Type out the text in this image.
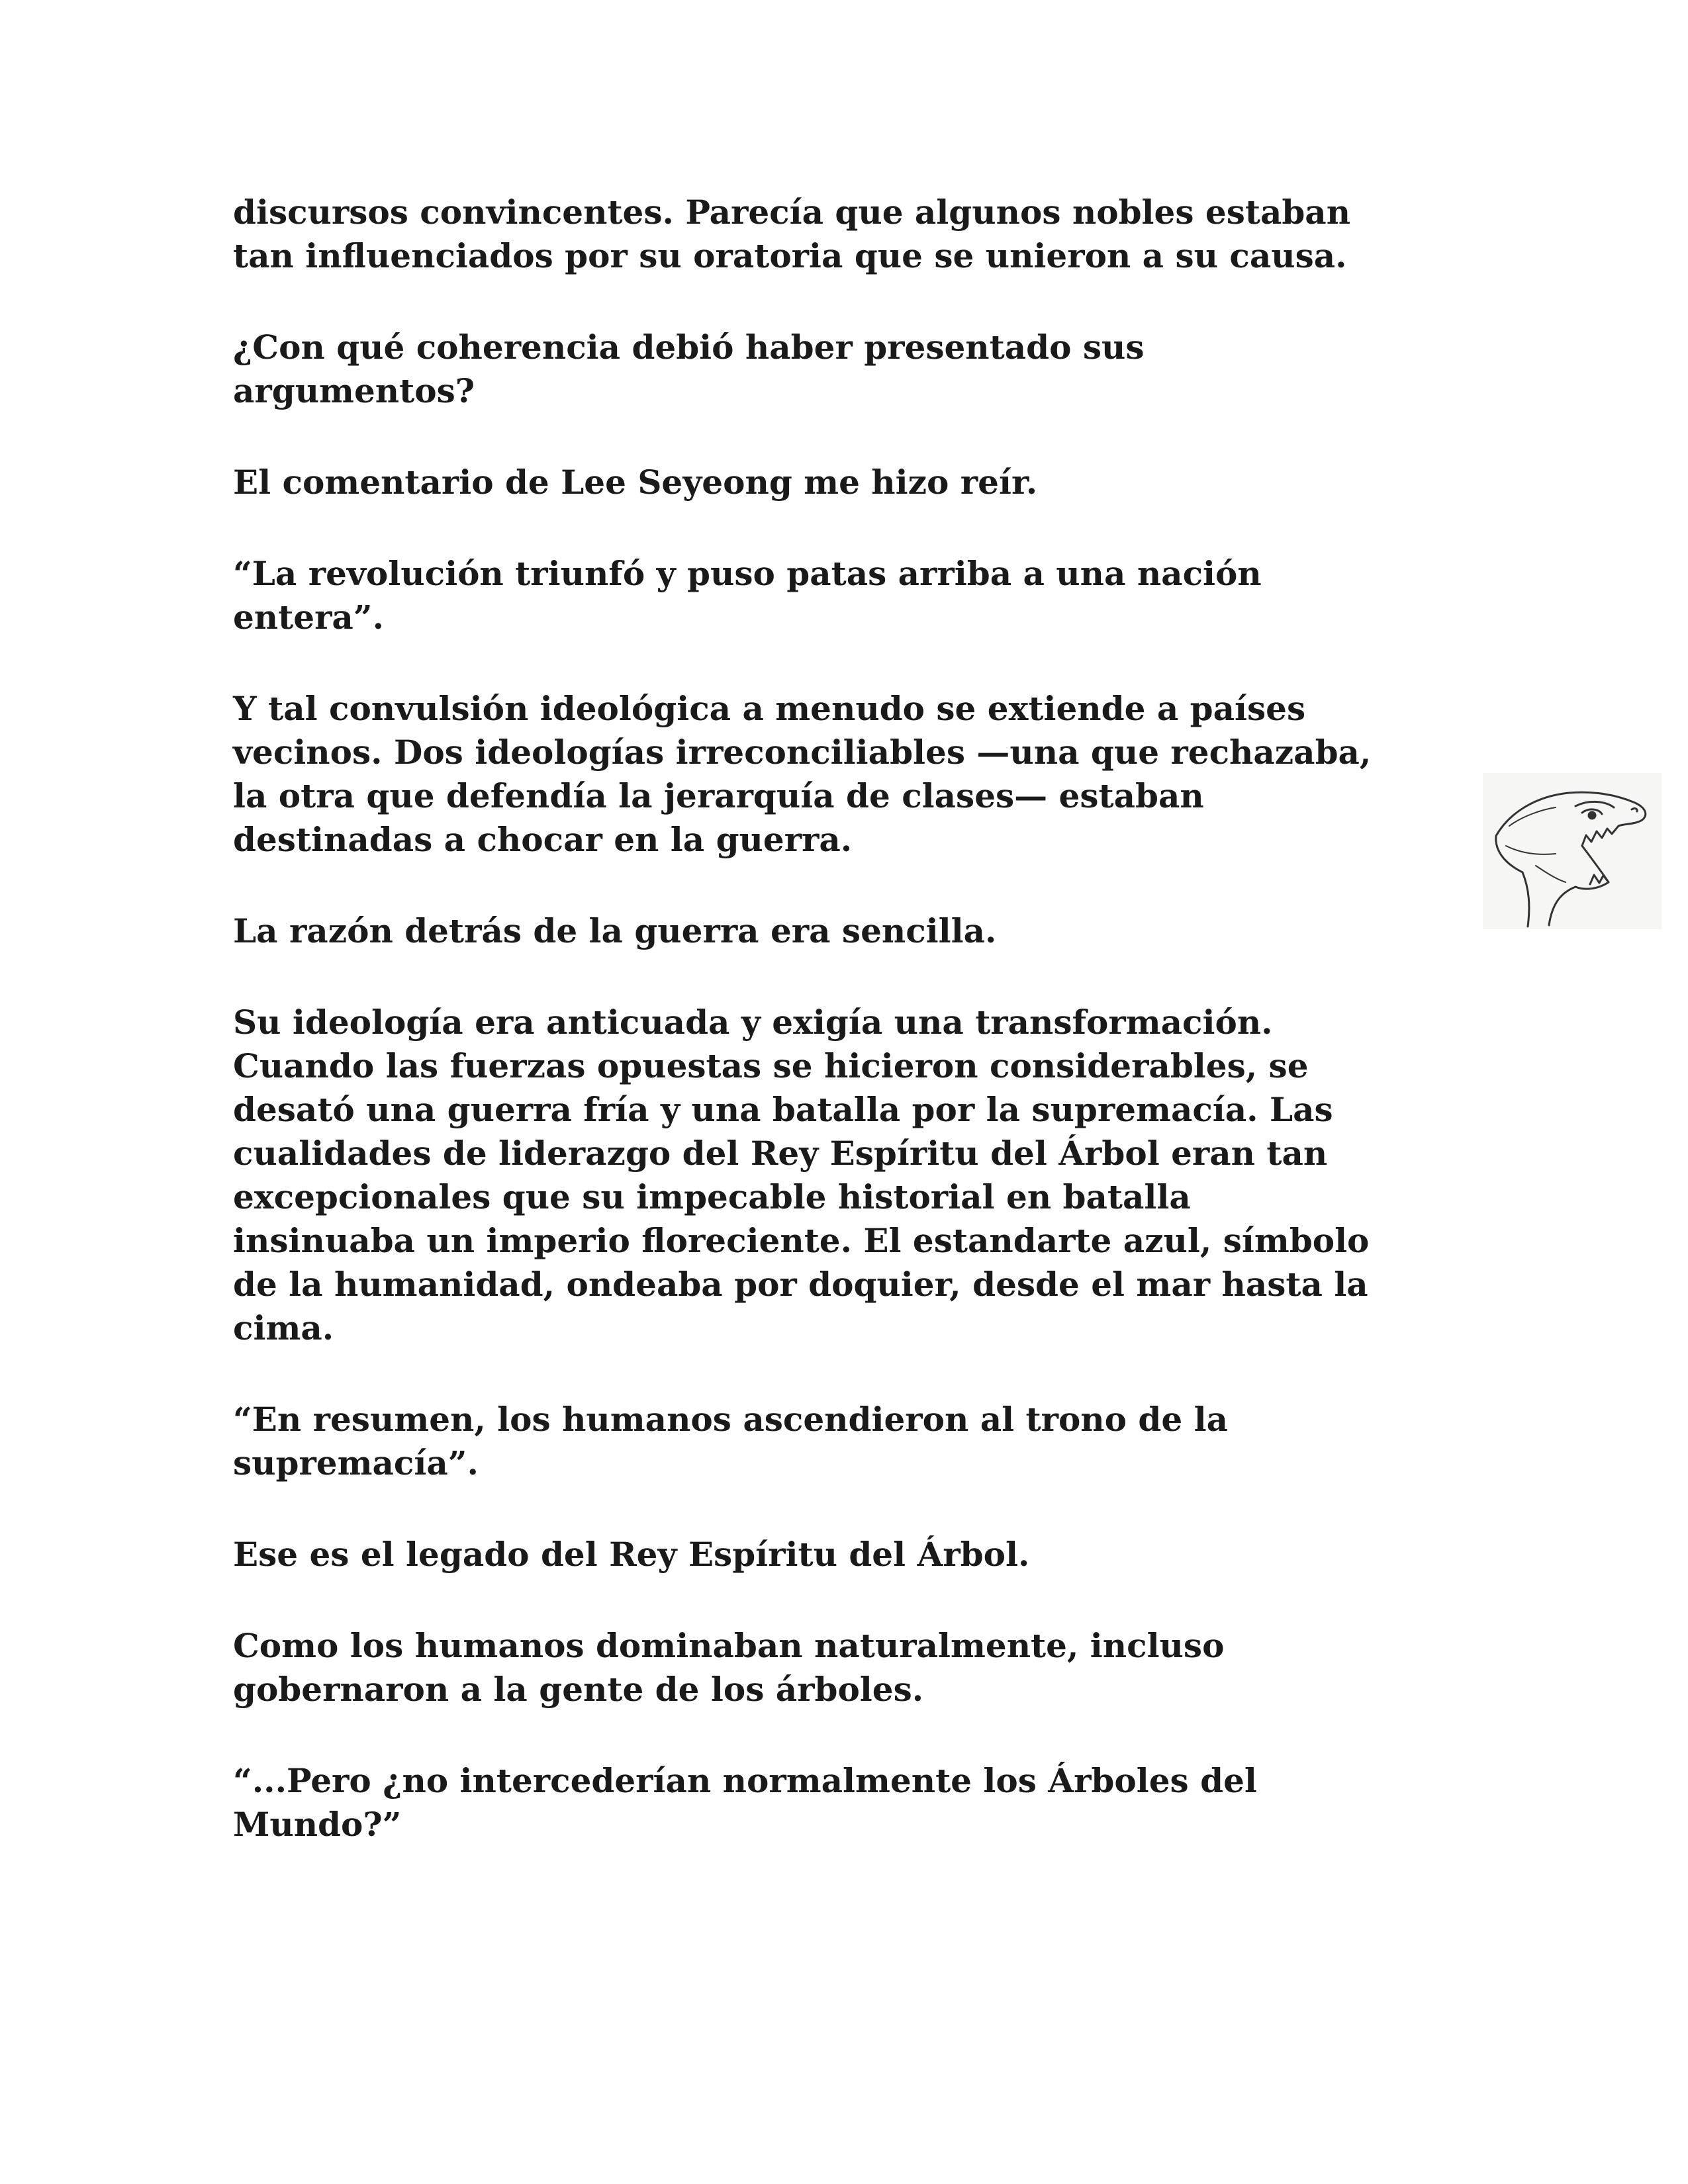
discursos convincentes. Parecía que algunos nobles estaban
tan influenciados por su oratoria que se unieron a su causa.

¿Con qué coherencia debió haber presentado sus
argumentos?

El comentario de Lee Seyeong me hizo reír.

“La revolución triunfó y puso patas arriba a una nación
entera”.

Y tal convulsión ideológica a menudo se extiende a países
vecinos. Dos ideologías irreconciliables —una que rechazaba,
la otra que defendía la jerarquía de clases— estaban
destinadas a chocar en la guerra.

La razón detrás de la guerra era sencilla.

Su ideología era anticuada y exigía una transformación.
Cuando las fuerzas opuestas se hicieron considerables, se
desató una guerra fría y una batalla por la supremacía. Las
cualidades de liderazgo del Rey Espíritu del Árbol eran tan
excepcionales que su impecable historial en batalla
insinuaba un imperio floreciente. El estandarte azul, símbolo
de la humanidad, ondeaba por doquier, desde el mar hasta la
cima.

“En resumen, los humanos ascendieron al trono de la
supremacía”.

Ese es el legado del Rey Espíritu del Árbol.

Como los humanos dominaban naturalmente, incluso
gobernaron a la gente de los árboles.

“...Pero ¿no intercederían normalmente los Árboles del
Mundo?”
